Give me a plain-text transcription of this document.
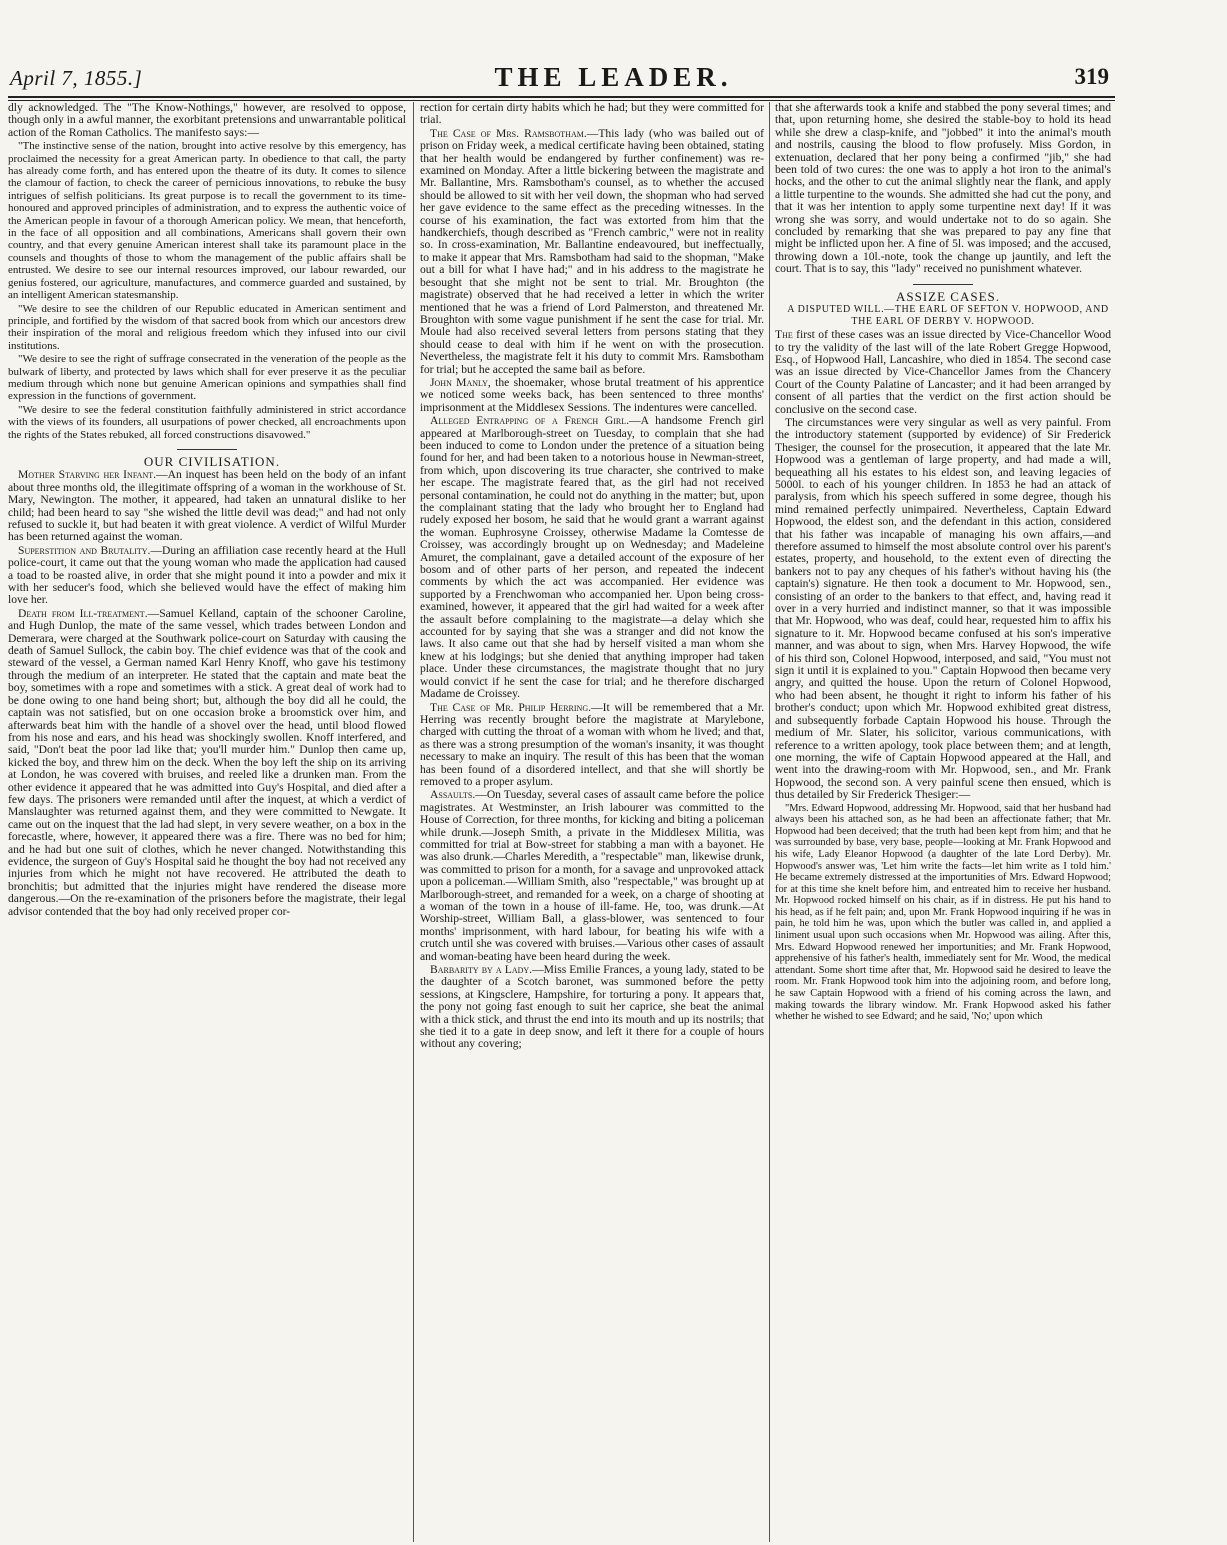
April 7, 1855.]	THE LEADER.	319

dly acknowledged. The "The Know-Nothings," however, are resolved to oppose, though only in a awful manner, the exorbitant pretensions and unwarrantable political action of the Roman Catholics. The manifesto says:—

"The instinctive sense of the nation, brought into active resolve by this emergency, has proclaimed the necessity for a great American party. In obedience to that call, the party has already come forth, and has entered upon the theatre of its duty. It comes to silence the clamour of faction, to check the career of pernicious innovations, to rebuke the busy intrigues of selfish politicians. Its great purpose is to recall the government to its time-honoured and approved principles of administration, and to express the authentic voice of the American people in favour of a thorough American policy. We mean, that henceforth, in the face of all opposition and all combinations, Americans shall govern their own country, and that every genuine American interest shall take its paramount place in the counsels and thoughts of those to whom the management of the public affairs shall be entrusted. We desire to see our internal resources improved, our labour rewarded, our genius fostered, our agriculture, manufactures, and commerce guarded and sustained, by an intelligent American statesmanship.

"We desire to see the children of our Republic educated in American sentiment and principle, and fortified by the wisdom of that sacred book from which our ancestors drew their inspiration of the moral and religious freedom which they infused into our civil institutions.

"We desire to see the right of suffrage consecrated in the veneration of the people as the bulwark of liberty, and protected by laws which shall for ever preserve it as the peculiar medium through which none but genuine American opinions and sympathies shall find expression in the functions of government.

"We desire to see the federal constitution faithfully administered in strict accordance with the views of its founders, all usurpations of power checked, all encroachments upon the rights of the States rebuked, all forced constructions disavowed."

OUR CIVILISATION.

Mother Starving her Infant.—An inquest has been held on the body of an infant about three months old, the illegitimate offspring of a woman in the workhouse of St. Mary, Newington. The mother, it appeared, had taken an unnatural dislike to her child; had been heard to say "she wished the little devil was dead;" and had not only refused to suckle it, but had beaten it with great violence. A verdict of Wilful Murder has been returned against the woman.

Superstition and Brutality.—During an affiliation case recently heard at the Hull police-court, it came out that the young woman who made the application had caused a toad to be roasted alive, in order that she might pound it into a powder and mix it with her seducer's food, which she believed would have the effect of making him love her.

Death from Ill-treatment.—Samuel Kelland, captain of the schooner Caroline, and Hugh Dunlop, the mate of the same vessel, which trades between London and Demerara, were charged at the Southwark police-court on Saturday with causing the death of Samuel Sullock, the cabin boy. The chief evidence was that of the cook and steward of the vessel, a German named Karl Henry Knoff, who gave his testimony through the medium of an interpreter. He stated that the captain and mate beat the boy, sometimes with a rope and sometimes with a stick. A great deal of work had to be done owing to one hand being short; but, although the boy did all he could, the captain was not satisfied, but on one occasion broke a broomstick over him, and afterwards beat him with the handle of a shovel over the head, until blood flowed from his nose and ears, and his head was shockingly swollen. Knoff interfered, and said, "Don't beat the poor lad like that; you'll murder him." Dunlop then came up, kicked the boy, and threw him on the deck. When the boy left the ship on its arriving at London, he was covered with bruises, and reeled like a drunken man. From the other evidence it appeared that he was admitted into Guy's Hospital, and died after a few days. The prisoners were remanded until after the inquest, at which a verdict of Manslaughter was returned against them, and they were committed to Newgate. It came out on the inquest that the lad had slept, in very severe weather, on a box in the forecastle, where, however, it appeared there was a fire. There was no bed for him; and he had but one suit of clothes, which he never changed. Notwithstanding this evidence, the surgeon of Guy's Hospital said he thought the boy had not received any injuries from which he might not have recovered. He attributed the death to bronchitis; but admitted that the injuries might have rendered the disease more dangerous.—On the re-examination of the prisoners before the magistrate, their legal advisor contended that the boy had only received proper cor-

rection for certain dirty habits which he had; but they were committed for trial.

The Case of Mrs. Ramsbotham.—This lady (who was bailed out of prison on Friday week, a medical certificate having been obtained, stating that her health would be endangered by further confinement) was re-examined on Monday. After a little bickering between the magistrate and Mr. Ballantine, Mrs. Ramsbotham's counsel, as to whether the accused should be allowed to sit with her veil down, the shopman who had served her gave evidence to the same effect as the preceding witnesses. In the course of his examination, the fact was extorted from him that the handkerchiefs, though described as "French cambric," were not in reality so. In cross-examination, Mr. Ballantine endeavoured, but ineffectually, to make it appear that Mrs. Ramsbotham had said to the shopman, "Make out a bill for what I have had;" and in his address to the magistrate he besought that she might not be sent to trial. Mr. Broughton (the magistrate) observed that he had received a letter in which the writer mentioned that he was a friend of Lord Palmerston, and threatened Mr. Broughton with some vague punishment if he sent the case for trial. Mr. Moule had also received several letters from persons stating that they should cease to deal with him if he went on with the prosecution. Nevertheless, the magistrate felt it his duty to commit Mrs. Ramsbotham for trial; but he accepted the same bail as before.

John Manly, the shoemaker, whose brutal treatment of his apprentice we noticed some weeks back, has been sentenced to three months' imprisonment at the Middlesex Sessions. The indentures were cancelled.

Alleged Entrapping of a French Girl.—A handsome French girl appeared at Marlborough-street on Tuesday, to complain that she had been induced to come to London under the pretence of a situation being found for her, and had been taken to a notorious house in Newman-street, from which, upon discovering its true character, she contrived to make her escape. The magistrate feared that, as the girl had not received personal contamination, he could not do anything in the matter; but, upon the complainant stating that the lady who brought her to England had rudely exposed her bosom, he said that he would grant a warrant against the woman. Euphrosyne Croissey, otherwise Madame la Comtesse de Croissey, was accordingly brought up on Wednesday; and Madeleine Amuret, the complainant, gave a detailed account of the exposure of her bosom and of other parts of her person, and repeated the indecent comments by which the act was accompanied. Her evidence was supported by a Frenchwoman who accompanied her. Upon being cross-examined, however, it appeared that the girl had waited for a week after the assault before complaining to the magistrate—a delay which she accounted for by saying that she was a stranger and did not know the laws. It also came out that she had by herself visited a man whom she knew at his lodgings; but she denied that anything improper had taken place. Under these circumstances, the magistrate thought that no jury would convict if he sent the case for trial; and he therefore discharged Madame de Croissey.

The Case of Mr. Philip Herring.—It will be remembered that a Mr. Herring was recently brought before the magistrate at Marylebone, charged with cutting the throat of a woman with whom he lived; and that, as there was a strong presumption of the woman's insanity, it was thought necessary to make an inquiry. The result of this has been that the woman has been found of a disordered intellect, and that she will shortly be removed to a proper asylum.

Assaults.—On Tuesday, several cases of assault came before the police magistrates. At Westminster, an Irish labourer was committed to the House of Correction, for three months, for kicking and biting a policeman while drunk.—Joseph Smith, a private in the Middlesex Militia, was committed for trial at Bow-street for stabbing a man with a bayonet. He was also drunk.—Charles Meredith, a "respectable" man, likewise drunk, was committed to prison for a month, for a savage and unprovoked attack upon a policeman.—William Smith, also "respectable," was brought up at Marlborough-street, and remanded for a week, on a charge of shooting at a woman of the town in a house of ill-fame. He, too, was drunk.—At Worship-street, William Ball, a glass-blower, was sentenced to four months' imprisonment, with hard labour, for beating his wife with a crutch until she was covered with bruises.—Various other cases of assault and woman-beating have been heard during the week.

Barbarity by a Lady.—Miss Emilie Frances, a young lady, stated to be the daughter of a Scotch baronet, was summoned before the petty sessions, at Kingsclere, Hampshire, for torturing a pony. It appears that, the pony not going fast enough to suit her caprice, she beat the animal with a thick stick, and thrust the end into its mouth and up its nostrils; that she tied it to a gate in deep snow, and left it there for a couple of hours without any covering;

that she afterwards took a knife and stabbed the pony several times; and that, upon returning home, she desired the stable-boy to hold its head while she drew a clasp-knife, and "jobbed" it into the animal's mouth and nostrils, causing the blood to flow profusely. Miss Gordon, in extenuation, declared that her pony being a confirmed "jib," she had been told of two cures: the one was to apply a hot iron to the animal's hocks, and the other to cut the animal slightly near the flank, and apply a little turpentine to the wounds. She admitted she had cut the pony, and that it was her intention to apply some turpentine next day! If it was wrong she was sorry, and would undertake not to do so again. She concluded by remarking that she was prepared to pay any fine that might be inflicted upon her. A fine of 5l. was imposed; and the accused, throwing down a 10l.-note, took the change up jauntily, and left the court. That is to say, this "lady" received no punishment whatever.

ASSIZE CASES.

A DISPUTED WILL.—THE EARL OF SEFTON V. HOPWOOD, AND THE EARL OF DERBY V. HOPWOOD.

The first of these cases was an issue directed by Vice-Chancellor Wood to try the validity of the last will of the late Robert Gregge Hopwood, Esq., of Hopwood Hall, Lancashire, who died in 1854. The second case was an issue directed by Vice-Chancellor James from the Chancery Court of the County Palatine of Lancaster; and it had been arranged by consent of all parties that the verdict on the first action should be conclusive on the second case.

The circumstances were very singular as well as very painful. From the introductory statement (supported by evidence) of Sir Frederick Thesiger, the counsel for the prosecution, it appeared that the late Mr. Hopwood was a gentleman of large property, and had made a will, bequeathing all his estates to his eldest son, and leaving legacies of 5000l. to each of his younger children. In 1853 he had an attack of paralysis, from which his speech suffered in some degree, though his mind remained perfectly unimpaired. Nevertheless, Captain Edward Hopwood, the eldest son, and the defendant in this action, considered that his father was incapable of managing his own affairs,—and therefore assumed to himself the most absolute control over his parent's estates, property, and household, to the extent even of directing the bankers not to pay any cheques of his father's without having his (the captain's) signature. He then took a document to Mr. Hopwood, sen., consisting of an order to the bankers to that effect, and, having read it over in a very hurried and indistinct manner, so that it was impossible that Mr. Hopwood, who was deaf, could hear, requested him to affix his signature to it. Mr. Hopwood became confused at his son's imperative manner, and was about to sign, when Mrs. Harvey Hopwood, the wife of his third son, Colonel Hopwood, interposed, and said, "You must not sign it until it is explained to you." Captain Hopwood then became very angry, and quitted the house. Upon the return of Colonel Hopwood, who had been absent, he thought it right to inform his father of his brother's conduct; upon which Mr. Hopwood exhibited great distress, and subsequently forbade Captain Hopwood his house. Through the medium of Mr. Slater, his solicitor, various communications, with reference to a written apology, took place between them; and at length, one morning, the wife of Captain Hopwood appeared at the Hall, and went into the drawing-room with Mr. Hopwood, sen., and Mr. Frank Hopwood, the second son. A very painful scene then ensued, which is thus detailed by Sir Frederick Thesiger:—

"Mrs. Edward Hopwood, addressing Mr. Hopwood, said that her husband had always been his attached son, as he had been an affectionate father; that Mr. Hopwood had been deceived; that the truth had been kept from him; and that he was surrounded by base, very base, people—looking at Mr. Frank Hopwood and his wife, Lady Eleanor Hopwood (a daughter of the late Lord Derby). Mr. Hopwood's answer was, 'Let him write the facts—let him write as I told him.' He became extremely distressed at the importunities of Mrs. Edward Hopwood; for at this time she knelt before him, and entreated him to receive her husband. Mr. Hopwood rocked himself on his chair, as if in distress. He put his hand to his head, as if he felt pain; and, upon Mr. Frank Hopwood inquiring if he was in pain, he told him he was, upon which the butler was called in, and applied a liniment usual upon such occasions when Mr. Hopwood was ailing. After this, Mrs. Edward Hopwood renewed her importunities; and Mr. Frank Hopwood, apprehensive of his father's health, immediately sent for Mr. Wood, the medical attendant. Some short time after that, Mr. Hopwood said he desired to leave the room. Mr. Frank Hopwood took him into the adjoining room, and before long, he saw Captain Hopwood with a friend of his coming across the lawn, and making towards the library window. Mr. Frank Hopwood asked his father whether he wished to see Edward; and he said, 'No;' upon which
